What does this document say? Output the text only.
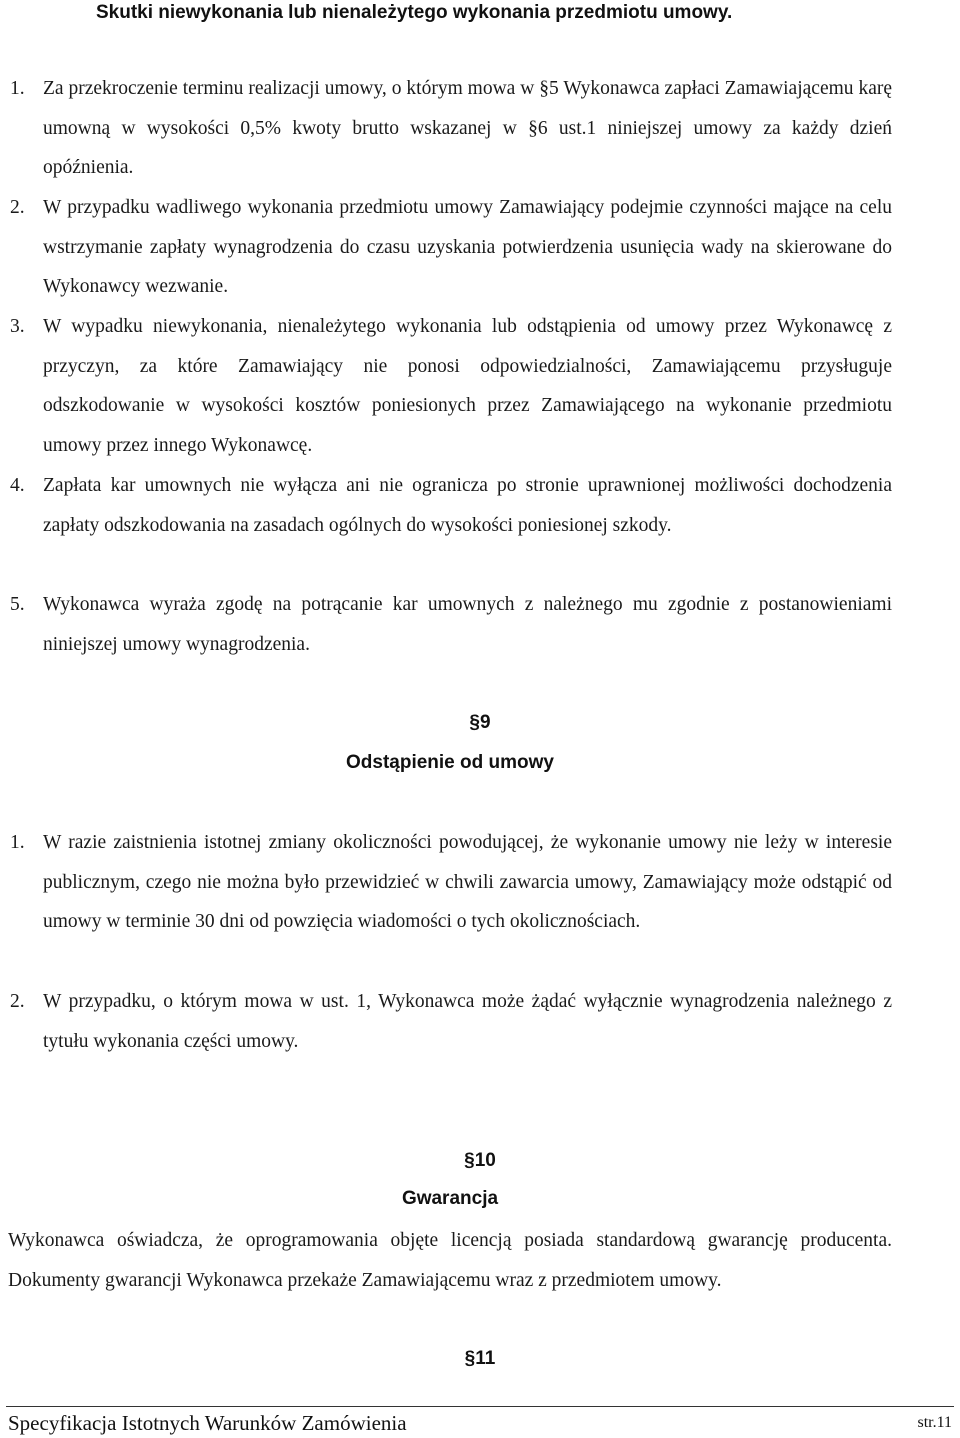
Skutki niewykonania lub nienależytego wykonania przedmiotu umowy.
1. Za przekroczenie terminu realizacji umowy, o którym mowa w §5 Wykonawca zapłaci Zamawiającemu karę umowną w wysokości 0,5% kwoty brutto wskazanej w §6 ust.1 niniejszej umowy za każdy dzień opóźnienia.
2. W przypadku wadliwego wykonania przedmiotu umowy Zamawiający podejmie czynności mające na celu wstrzymanie zapłaty wynagrodzenia do czasu uzyskania potwierdzenia usunięcia wady na skierowane do Wykonawcy wezwanie.
3. W wypadku niewykonania, nienależytego wykonania lub odstąpienia od umowy przez Wykonawcę z przyczyn, za które Zamawiający nie ponosi odpowiedzialności, Zamawiającemu przysługuje odszkodowanie w wysokości kosztów poniesionych przez Zamawiającego na wykonanie przedmiotu umowy przez innego Wykonawcę.
4. Zapłata kar umownych nie wyłącza ani nie ogranicza po stronie uprawnionej możliwości dochodzenia zapłaty odszkodowania na zasadach ogólnych do wysokości poniesionej szkody.
5. Wykonawca wyraża zgodę na potrącanie kar umownych z należnego mu zgodnie z postanowieniami niniejszej umowy wynagrodzenia.
§9
Odstąpienie od umowy
1. W razie zaistnienia istotnej zmiany okoliczności powodującej, że wykonanie umowy nie leży w interesie publicznym, czego nie można było przewidzieć w chwili zawarcia umowy, Zamawiający może odstąpić od umowy w terminie 30 dni od powzięcia wiadomości o tych okolicznościach.
2. W przypadku, o którym mowa w ust. 1, Wykonawca może żądać wyłącznie wynagrodzenia należnego z tytułu wykonania części umowy.
§10
Gwarancja
Wykonawca oświadcza, że oprogramowania objęte licencją posiada standardową gwarancję producenta. Dokumenty gwarancji Wykonawca przekaże Zamawiającemu wraz z przedmiotem umowy.
§11
Specyfikacja Istotnych Warunków Zamówienia	str.11
